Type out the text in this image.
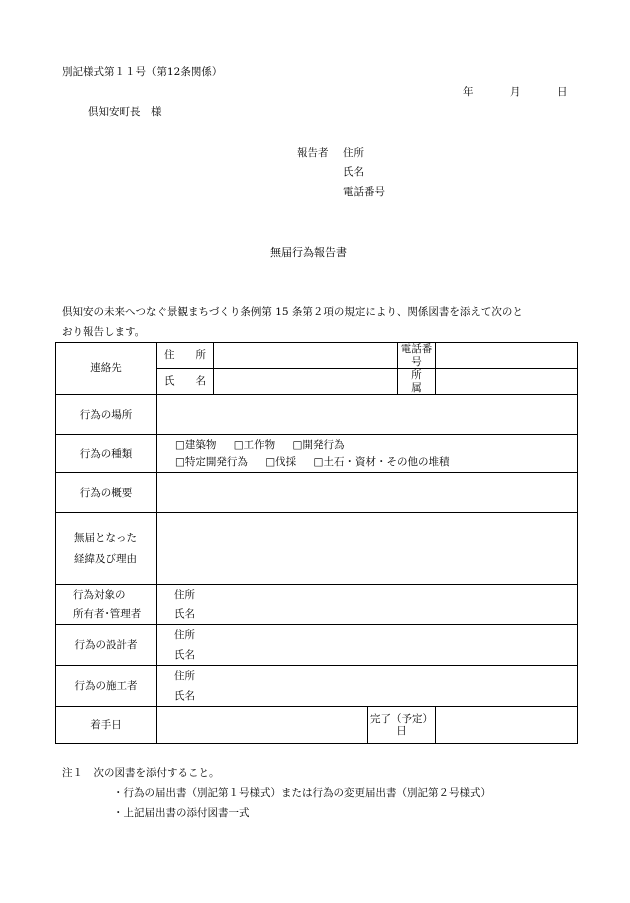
別記様式第１１号（第12条関係）
年	月	日
倶知安町長　様
報告者 住所
氏名
電話番号
無届行為報告書
倶知安の未来へつなぐ景観まちづくり条例第 15 条第２項の規定により、関係図書を添えて次のと
おり報告します。
連絡先	住　　所			電話番号	
	氏　　名			所　　属	
行為の場所					
行為の種類	□建築物 □工作物 □開発行為
□特定開発行為 □伐採 □土石・資材・その他の堆積				

行為の概要					

無届となった
経緯及び理由					

行為対象の
所有者･管理者	住所
氏名				

行為の設計者	住所
氏名				

行為の施工者	住所
氏名				

着手日			完了（予定）日		
注１　次の図書を添付すること。
・行為の届出書（別記第１号様式）または行為の変更届出書（別記第２号様式）
・上記届出書の添付図書一式
